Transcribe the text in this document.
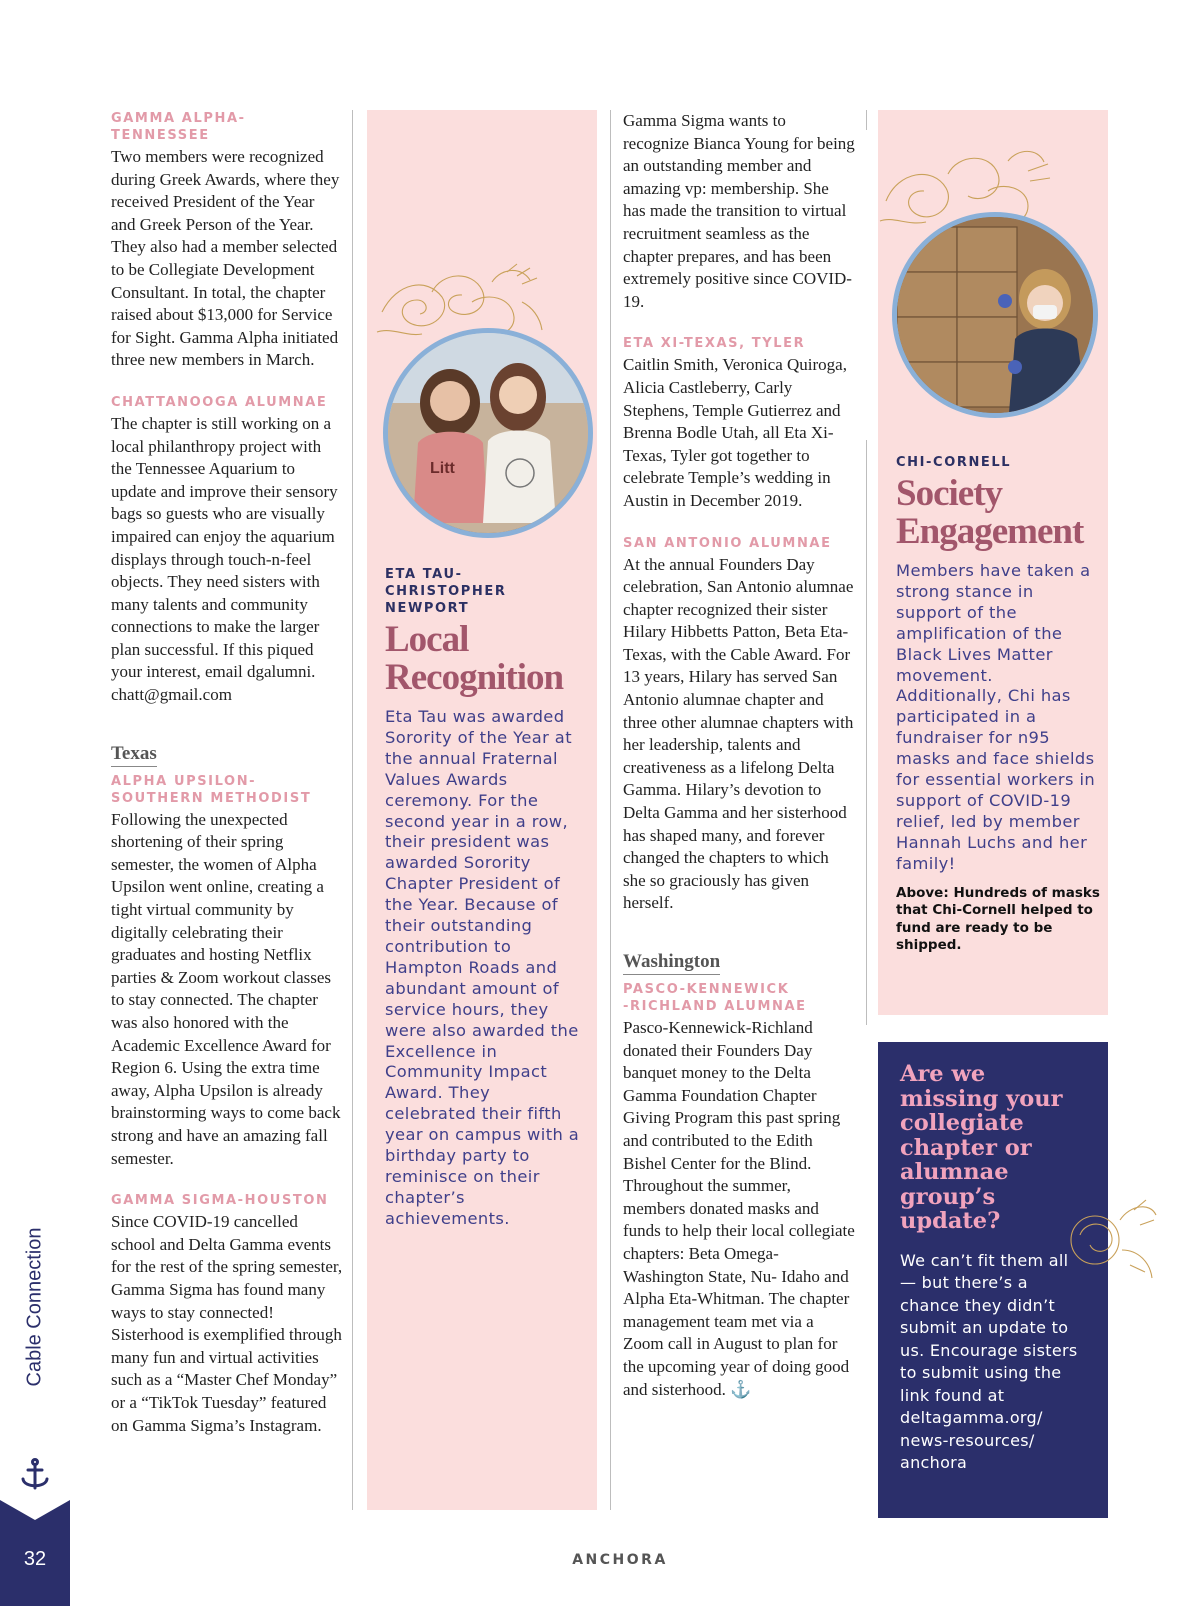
GAMMA ALPHA-
TENNESSEE
Two members were recognized during Greek Awards, where they received President of the Year and Greek Person of the Year. They also had a member selected to be Collegiate Development Consultant. In total, the chapter raised about $13,000 for Service for Sight. Gamma Alpha initiated three new members in March.
CHATTANOOGA ALUMNAE
The chapter is still working on a local philanthropy project with the Tennessee Aquarium to update and improve their sensory bags so guests who are visually impaired can enjoy the aquarium displays through touch-n-feel objects. They need sisters with many talents and community connections to make the larger plan successful. If this piqued your interest, email dgalumni. chatt@gmail.com
Texas

ALPHA UPSILON-
SOUTHERN METHODIST
Following the unexpected shortening of their spring semester, the women of Alpha Upsilon went online, creating a tight virtual community by digitally celebrating their graduates and hosting Netflix parties & Zoom workout classes to stay connected. The chapter was also honored with the Academic Excellence Award for Region 6. Using the extra time away, Alpha Upsilon is already brainstorming ways to come back strong and have an amazing fall semester.
GAMMA SIGMA-HOUSTON
Since COVID-19 cancelled school and Delta Gamma events for the rest of the spring semester, Gamma Sigma has found many ways to stay connected! Sisterhood is exemplified through many fun and virtual activities such as a “Master Chef Monday” or a “TikTok Tuesday” featured on Gamma Sigma’s Instagram.
Litt
ETA TAU-
CHRISTOPHER
NEWPORT
Local
Recognition
Eta Tau was awarded Sorority of the Year at the annual Fraternal Values Awards ceremony. For the second year in a row, their president was awarded Sorority Chapter President of the Year. Because of their outstanding contribution to Hampton Roads and abundant amount of service hours, they were also awarded the Excellence in Community Impact Award. They celebrated their fifth year on campus with a birthday party to reminisce on their chapter’s achievements.
Gamma Sigma wants to recognize Bianca Young for being an outstanding member and amazing vp: membership. She has made the transition to virtual recruitment seamless as the chapter prepares, and has been extremely positive since COVID-19.
ETA XI-TEXAS, TYLER
Caitlin Smith, Veronica Quiroga, Alicia Castleberry, Carly Stephens, Temple Gutierrez and Brenna Bodle Utah, all Eta Xi-Texas, Tyler got together to celebrate Temple’s wedding in Austin in December 2019.
SAN ANTONIO ALUMNAE
At the annual Founders Day celebration, San Antonio alumnae chapter recognized their sister Hilary Hibbetts Patton, Beta Eta-Texas, with the Cable Award. For 13 years, Hilary has served San Antonio alumnae chapter and three other alumnae chapters with her leadership, talents and creativeness as a lifelong Delta Gamma. Hilary’s devotion to Delta Gamma and her sisterhood has shaped many, and forever changed the chapters to which she so graciously has given herself.
Washington

PASCO-KENNEWICK
-RICHLAND ALUMNAE
Pasco-Kennewick-Richland donated their Founders Day banquet money to the Delta Gamma Foundation Chapter Giving Program this past spring and contributed to the Edith Bishel Center for the Blind. Throughout the summer, members donated masks and funds to help their local collegiate chapters: Beta Omega-Washington State, Nu- Idaho and Alpha Eta-Whitman. The chapter management team met via a Zoom call in August to plan for the upcoming year of doing good and sisterhood. ⚓
CHI-CORNELL
Society
Engagement
Members have taken a strong stance in support of the amplification of the Black Lives Matter movement. Additionally, Chi has participated in a fundraiser for n95 masks and face shields for essential workers in support of COVID-19 relief, led by member Hannah Luchs and her family!
Above: Hundreds of masks that Chi-Cornell helped to fund are ready to be shipped.
Are we missing your collegiate chapter or alumnae group’s update?
We can’t fit them all — but there’s a chance they didn’t submit an update to us. Encourage sisters to submit using the link found at deltagamma.org/ news-resources/ anchora
Cable Connection
32	ANCHORA
